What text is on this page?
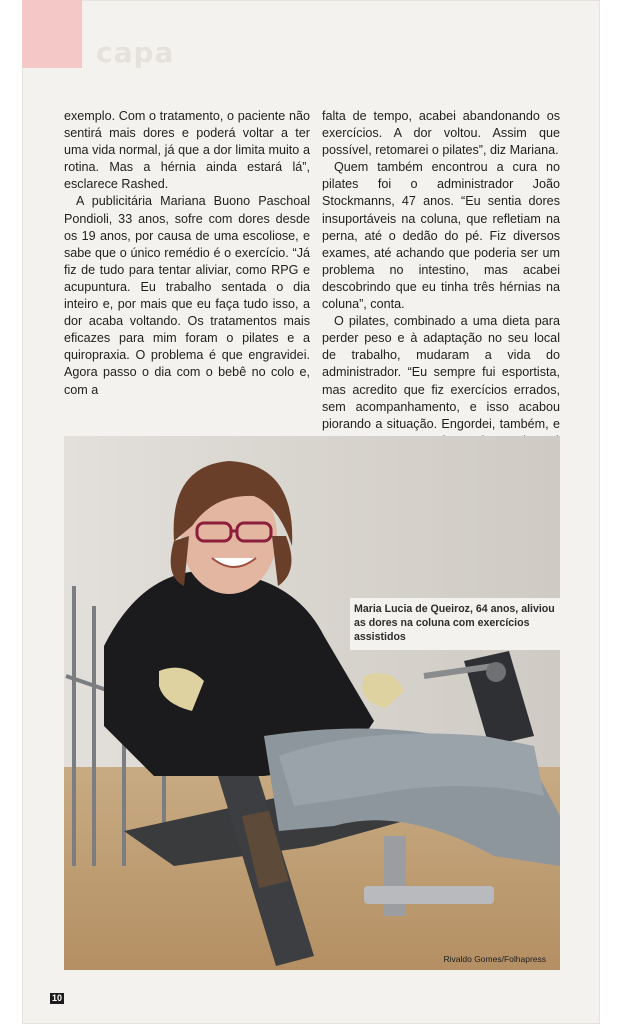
capa

exemplo. Com o tratamento, o paciente não sentirá mais dores e poderá voltar a ter uma vida normal, já que a dor limita muito a rotina. Mas a hérnia ainda estará lá”, esclarece Rashed.

A publicitária Mariana Buono Paschoal Pondioli, 33 anos, sofre com dores desde os 19 anos, por causa de uma escoliose, e sabe que o único remédio é o exercício. “Já fiz de tudo para tentar aliviar, como RPG e acupuntura. Eu trabalho sentada o dia inteiro e, por mais que eu faça tudo isso, a dor acaba voltando. Os tratamentos mais eficazes para mim foram o pilates e a quiropraxia. O problema é que engravidei. Agora passo o dia com o bebê no colo e, com a

falta de tempo, acabei abandonando os exercícios. A dor voltou. Assim que possível, retomarei o pilates”, diz Mariana.

Quem também encontrou a cura no pilates foi o administrador João Stockmanns, 47 anos. “Eu sentia dores insuportáveis na coluna, que refletiam na perna, até o dedão do pé. Fiz diversos exames, até achando que poderia ser um problema no intestino, mas acabei descobrindo que eu tinha três hérnias na coluna”, conta.

O pilates, combinado a uma dieta para perder peso e à adaptação no seu local de trabalho, mudaram a vida do administrador. “Eu sempre fui esportista, mas acredito que fiz exercícios errados, sem acompanhamento, e isso acabou piorando a situação. Engordei, também, e

Rivaldo Gomes/Folhapress
Maria Lucia de Queiroz, 64 anos, aliviou as dores na coluna com exercícios assistidos
10
